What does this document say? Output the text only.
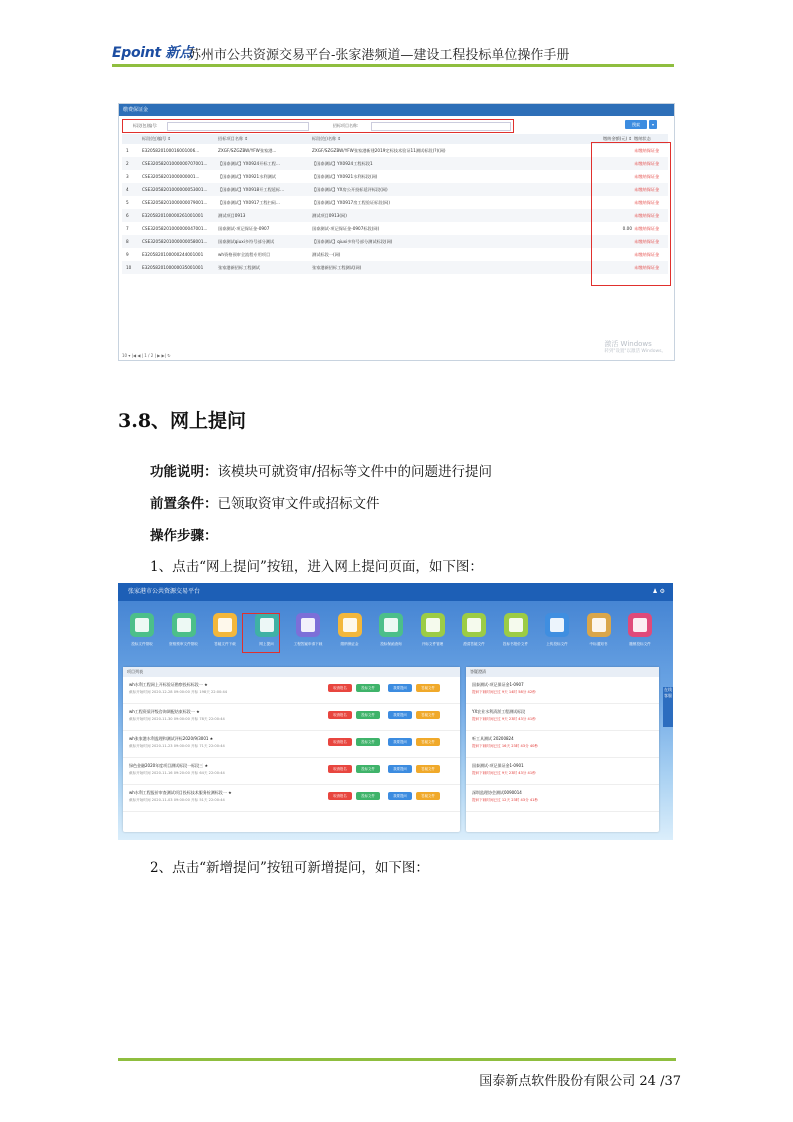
Epoint 新点
苏州市公共资源交易平台-张家港频道—建设工程投标单位操作手册
缴费保证金
标段(包)编号:	招标项目名称:	搜索	▾
标段(包)编号 ⇕	招标项目名称 ⇕	标段(包)名称 ⇕	缴纳金额(元) ⇕ 缴纳状态
1	E3205820100016001006...	ZXGF/SZGZBW/YFW张家港...	ZXGF/SZGZBW/YFW张家港新建2019定标技术验证11测试标段(?)(网)	未缴纳保证金
2	CSE32058201000000707001...	【国泰测试】YX0924开标工程...	【国泰测试】YX0924工程标段1	未缴纳保证金
3	CSE32058201000000001...	【国泰测试】YX0921水利测试	【国泰测试】YX0921水利标段(网)	未缴纳保证金
4	CSE32058201000000053001...	【国泰测试】YX0918开工程延标...	【国泰测试】YX房公开投标延评标段(网)	未缴纳保证金
5	CSE32058201000000079001...	【国泰测试】YX0917工程扫码...	【国泰测试】YX0917房工程验证标段(网)	未缴纳保证金
6	E3205820100000261001001	测试项目0913	测试项目0913(网)	未缴纳保证金
7	CSE32058201000000047001...	国泰测试-项记保证金-0907	国泰测试-项记保证金-0907标段(网)	0.00 未缴纳保证金
8	CSE32058201000000058001...	国泰测试qiuxi多符号部分测试	【国泰测试】qiuxi多符号部分测试标段(网)	未缴纳保证金
9	E3205820100000244001001	wh资格预审全流程专用项目	测试标段一(网)	未缴纳保证金
10	E3205820100000035001001	张家港新招标工程测试	张家港新招标工程测试(网)	未缴纳保证金
10 ▾ |◀ ◀ | 1 / 2 | ▶ ▶| ↻
激活 Windows
转到"设置"以激活 Windows。
3.8、网上提问
功能说明：该模块可就资审/招标等文件中的问题进行提问
前置条件：已领取资审文件或招标文件
操作步骤：
1、点击“网上提问”按钮，进入网上提问页面，如下图：
张家港市公共资源交易平台	♟ ⚙
投标文件领取	资格预审文件领取	答疑文件下载	网上提问	工程答疑申请下载	缴纳保证金	投标保函查询	开标文件管理	澄清答疑文件	投标书报价文件	上传投标文件	中标通知书	撤销投标文件
项目列表
wh水利工程网上开标验证勘察投标标段一 ★
截标开始时间 2020-12-28 09:00:00 开标 198天 22:00:44
取消报名	投标文件	我要提问	答疑文件
wh工程资质评级咨询调配结束标段一 ★
截标开始时间 2020-11-30 09:00:00 开标 78天 22:00:44
取消报名	投标文件	我要提问	答疑文件
wh张家港水利监理和测试评标2020/9/3001 ★
截标开始时间 2020-11-23 09:00:00 开标 71天 22:00:44
取消报名	投标文件	我要提问	答疑文件
绿色金融2020年度项目测试标段一标段三 ★
截标开始时间 2020-11-16 09:20:00 开标 64天 22:00:44
取消报名	投标文件	我要提问	答疑文件
wh水利工程报价审查测试项目投标技术服务检测标段一 ★
截标开始时间 2020-11-03 09:00:00 开标 51天 22:00:44
取消报名	投标文件	我要提问	答疑文件
答疑澄清
国泰测试-项记保证金1-0907
提问下载时间已过 9天 14时 58分 42秒
YX农业水利清淤工程测试标段
提问下载时间已过 9天 23时 43分 41秒
听工具测试 20200824
提问下载时间已过 16天 23时 43分 40秒
国泰测试-项记保证金1-0901
提问下载时间已过 9天 23时 43分 41秒
深圳监理协会测试0090014
提问下载时间已过 12天 23时 43分 41秒
在线客服
2、点击“新增提问”按钮可新增提问，如下图：
国泰新点软件股份有限公司 24 /37
